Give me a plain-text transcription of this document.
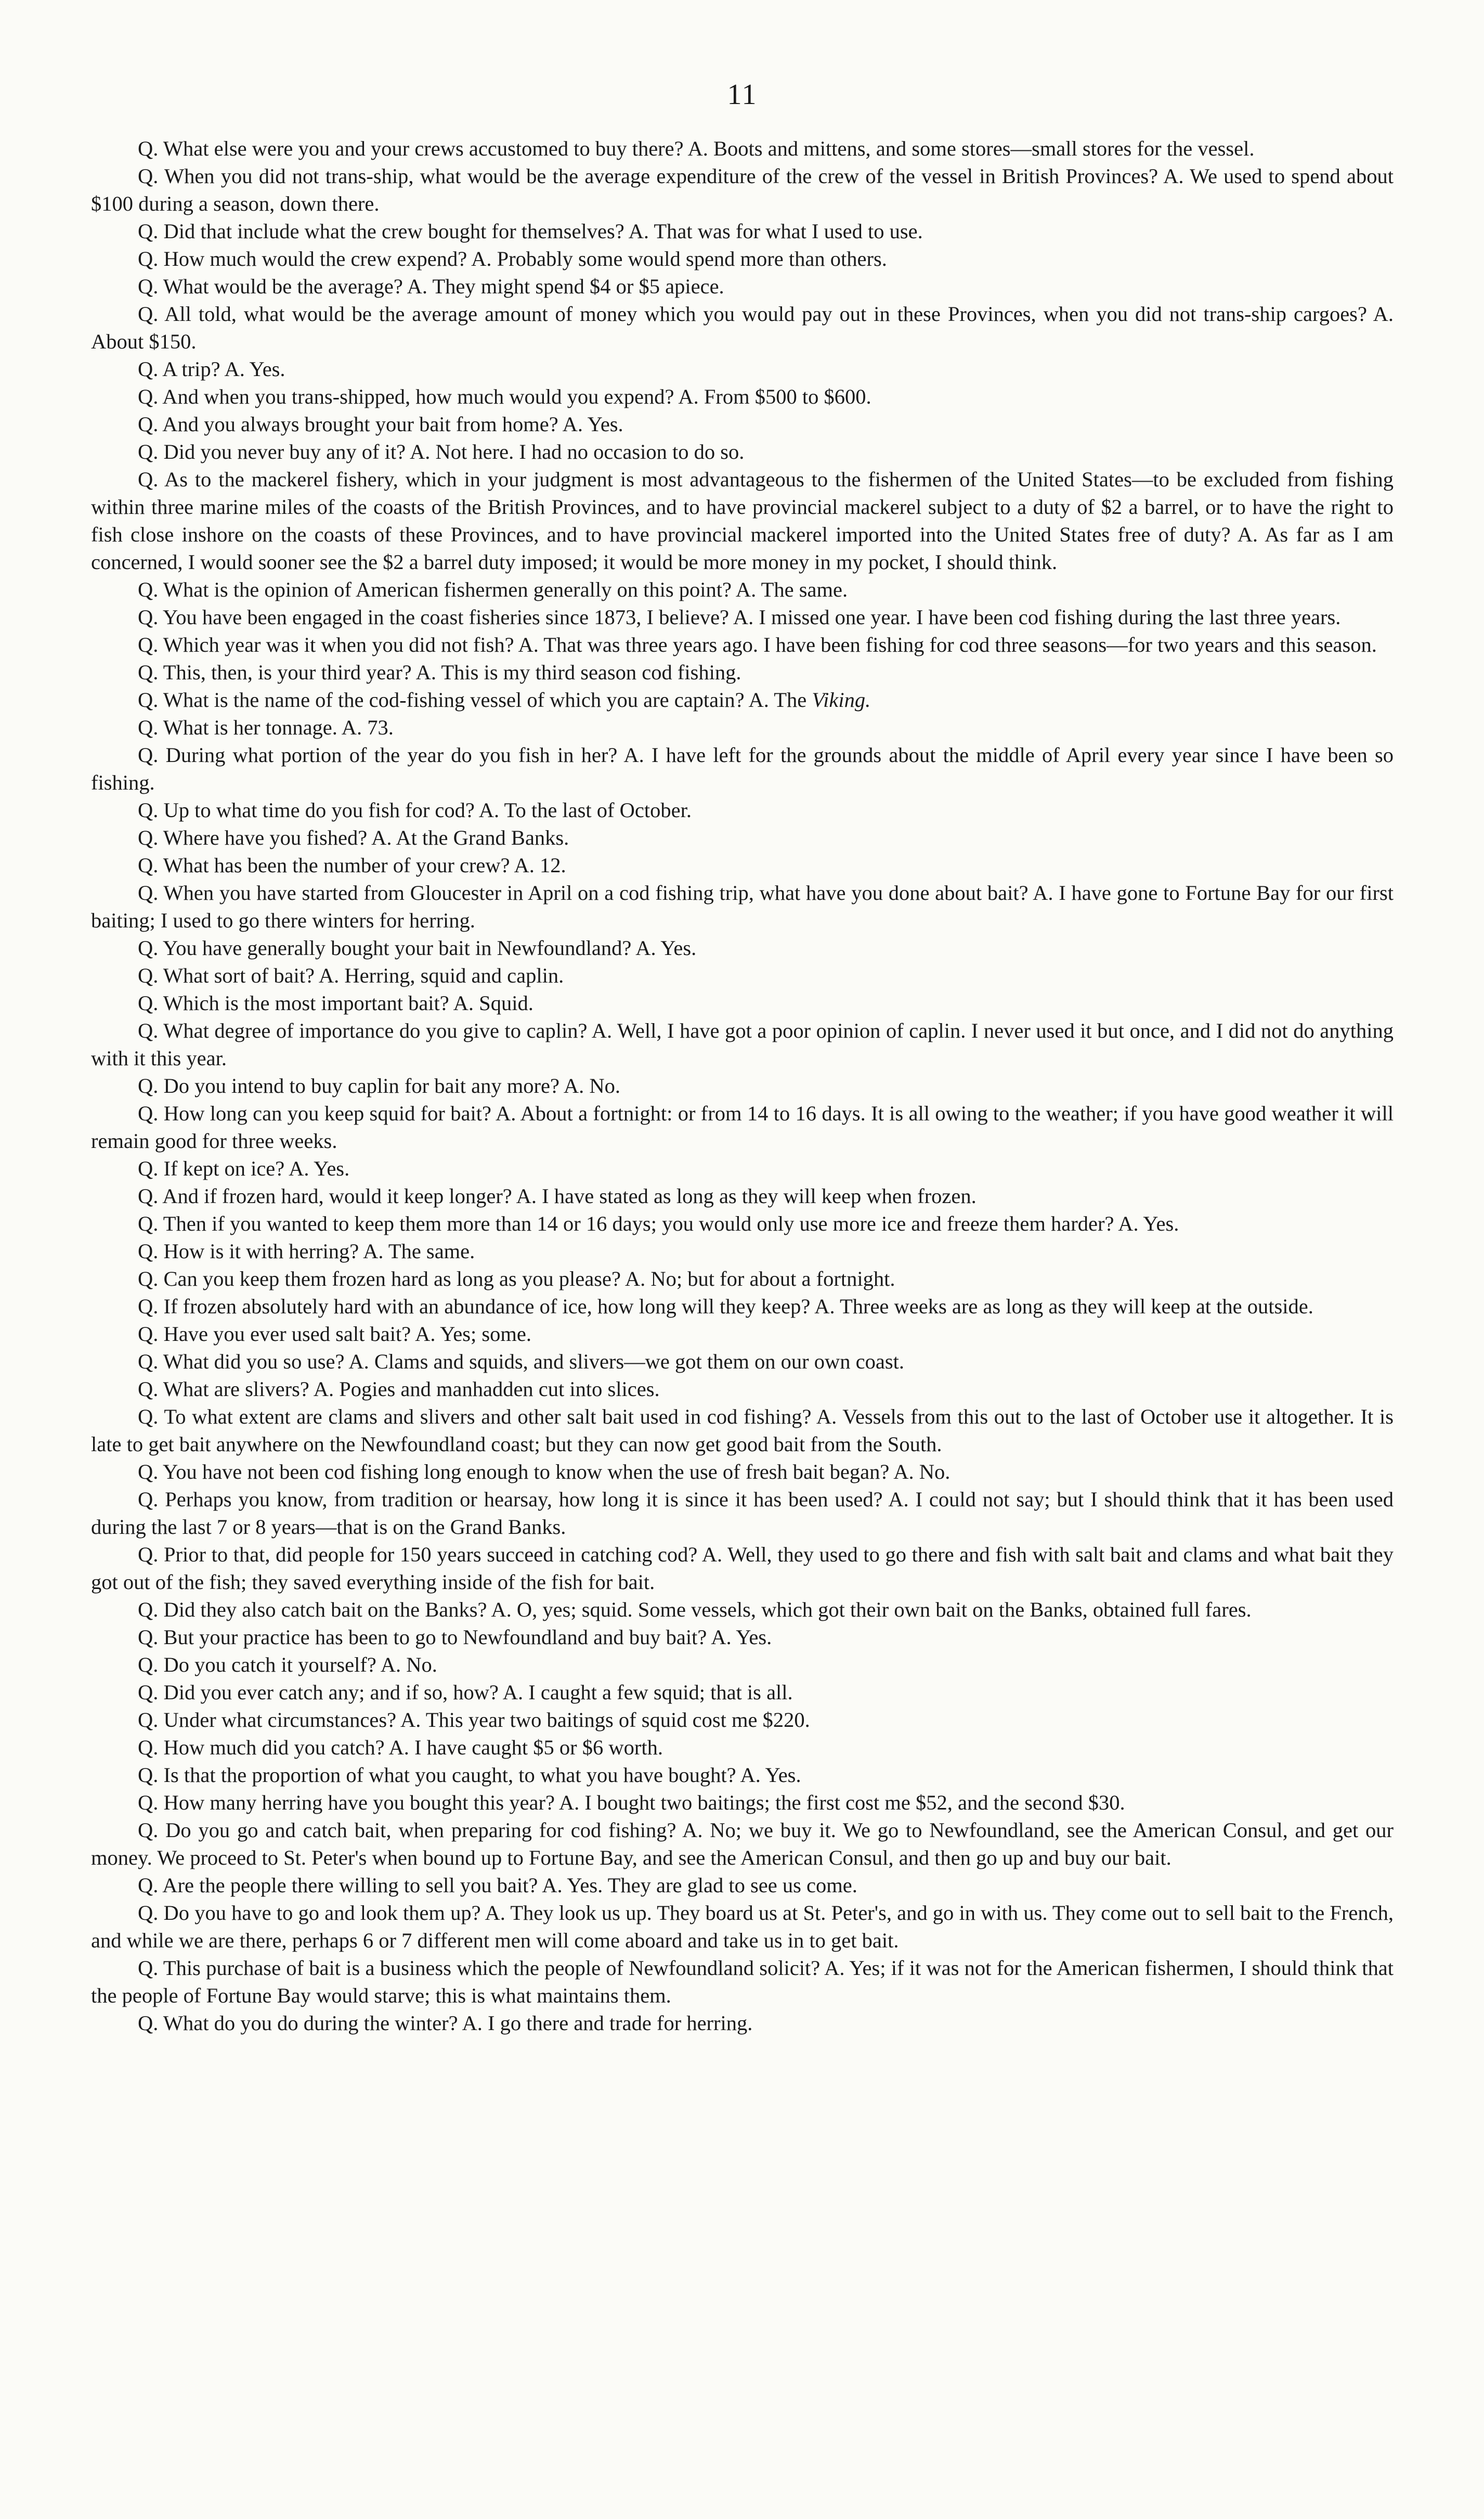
11

Q. What else were you and your crews accustomed to buy there? A. Boots and mittens, and some stores—small stores for the vessel.

Q. When you did not trans-ship, what would be the average expenditure of the crew of the vessel in British Provinces? A. We used to spend about $100 during a season, down there.

Q. Did that include what the crew bought for themselves? A. That was for what I used to use.

Q. How much would the crew expend? A. Probably some would spend more than others.

Q. What would be the average? A. They might spend $4 or $5 apiece.

Q. All told, what would be the average amount of money which you would pay out in these Provinces, when you did not trans-ship cargoes? A. About $150.

Q. A trip? A. Yes.

Q. And when you trans-shipped, how much would you expend? A. From $500 to $600.

Q. And you always brought your bait from home? A. Yes.

Q. Did you never buy any of it? A. Not here. I had no occasion to do so.

Q. As to the mackerel fishery, which in your judgment is most advantageous to the fishermen of the United States—to be excluded from fishing within three marine miles of the coasts of the British Provinces, and to have provincial mackerel subject to a duty of $2 a barrel, or to have the right to fish close inshore on the coasts of these Provinces, and to have provincial mackerel imported into the United States free of duty? A. As far as I am concerned, I would sooner see the $2 a barrel duty imposed; it would be more money in my pocket, I should think.

Q. What is the opinion of American fishermen generally on this point? A. The same.

Q. You have been engaged in the coast fisheries since 1873, I believe? A. I missed one year. I have been cod fishing during the last three years.

Q. Which year was it when you did not fish? A. That was three years ago. I have been fishing for cod three seasons—for two years and this season.

Q. This, then, is your third year? A. This is my third season cod fishing.

Q. What is the name of the cod-fishing vessel of which you are captain? A. The Viking.

Q. What is her tonnage. A. 73.

Q. During what portion of the year do you fish in her? A. I have left for the grounds about the middle of April every year since I have been so fishing.

Q. Up to what time do you fish for cod? A. To the last of October.

Q. Where have you fished? A. At the Grand Banks.

Q. What has been the number of your crew? A. 12.

Q. When you have started from Gloucester in April on a cod fishing trip, what have you done about bait? A. I have gone to Fortune Bay for our first baiting; I used to go there winters for herring.

Q. You have generally bought your bait in Newfoundland? A. Yes.

Q. What sort of bait? A. Herring, squid and caplin.

Q. Which is the most important bait? A. Squid.

Q. What degree of importance do you give to caplin? A. Well, I have got a poor opinion of caplin. I never used it but once, and I did not do anything with it this year.

Q. Do you intend to buy caplin for bait any more? A. No.

Q. How long can you keep squid for bait? A. About a fortnight: or from 14 to 16 days. It is all owing to the weather; if you have good weather it will remain good for three weeks.

Q. If kept on ice? A. Yes.

Q. And if frozen hard, would it keep longer? A. I have stated as long as they will keep when frozen.

Q. Then if you wanted to keep them more than 14 or 16 days; you would only use more ice and freeze them harder? A. Yes.

Q. How is it with herring? A. The same.

Q. Can you keep them frozen hard as long as you please? A. No; but for about a fortnight.

Q. If frozen absolutely hard with an abundance of ice, how long will they keep? A. Three weeks are as long as they will keep at the outside.

Q. Have you ever used salt bait? A. Yes; some.

Q. What did you so use? A. Clams and squids, and slivers—we got them on our own coast.

Q. What are slivers? A. Pogies and manhadden cut into slices.

Q. To what extent are clams and slivers and other salt bait used in cod fishing? A. Vessels from this out to the last of October use it altogether. It is late to get bait anywhere on the Newfoundland coast; but they can now get good bait from the South.

Q. You have not been cod fishing long enough to know when the use of fresh bait began? A. No.

Q. Perhaps you know, from tradition or hearsay, how long it is since it has been used? A. I could not say; but I should think that it has been used during the last 7 or 8 years—that is on the Grand Banks.

Q. Prior to that, did people for 150 years succeed in catching cod? A. Well, they used to go there and fish with salt bait and clams and what bait they got out of the fish; they saved everything inside of the fish for bait.

Q. Did they also catch bait on the Banks? A. O, yes; squid. Some vessels, which got their own bait on the Banks, obtained full fares.

Q. But your practice has been to go to Newfoundland and buy bait? A. Yes.

Q. Do you catch it yourself? A. No.

Q. Did you ever catch any; and if so, how? A. I caught a few squid; that is all.

Q. Under what circumstances? A. This year two baitings of squid cost me $220.

Q. How much did you catch? A. I have caught $5 or $6 worth.

Q. Is that the proportion of what you caught, to what you have bought? A. Yes.

Q. How many herring have you bought this year? A. I bought two baitings; the first cost me $52, and the second $30.

Q. Do you go and catch bait, when preparing for cod fishing? A. No; we buy it. We go to Newfoundland, see the American Consul, and get our money. We proceed to St. Peter's when bound up to Fortune Bay, and see the American Consul, and then go up and buy our bait.

Q. Are the people there willing to sell you bait? A. Yes. They are glad to see us come.

Q. Do you have to go and look them up? A. They look us up. They board us at St. Peter's, and go in with us. They come out to sell bait to the French, and while we are there, perhaps 6 or 7 different men will come aboard and take us in to get bait.

Q. This purchase of bait is a business which the people of Newfoundland solicit? A. Yes; if it was not for the American fishermen, I should think that the people of Fortune Bay would starve; this is what maintains them.

Q. What do you do during the winter? A. I go there and trade for herring.
